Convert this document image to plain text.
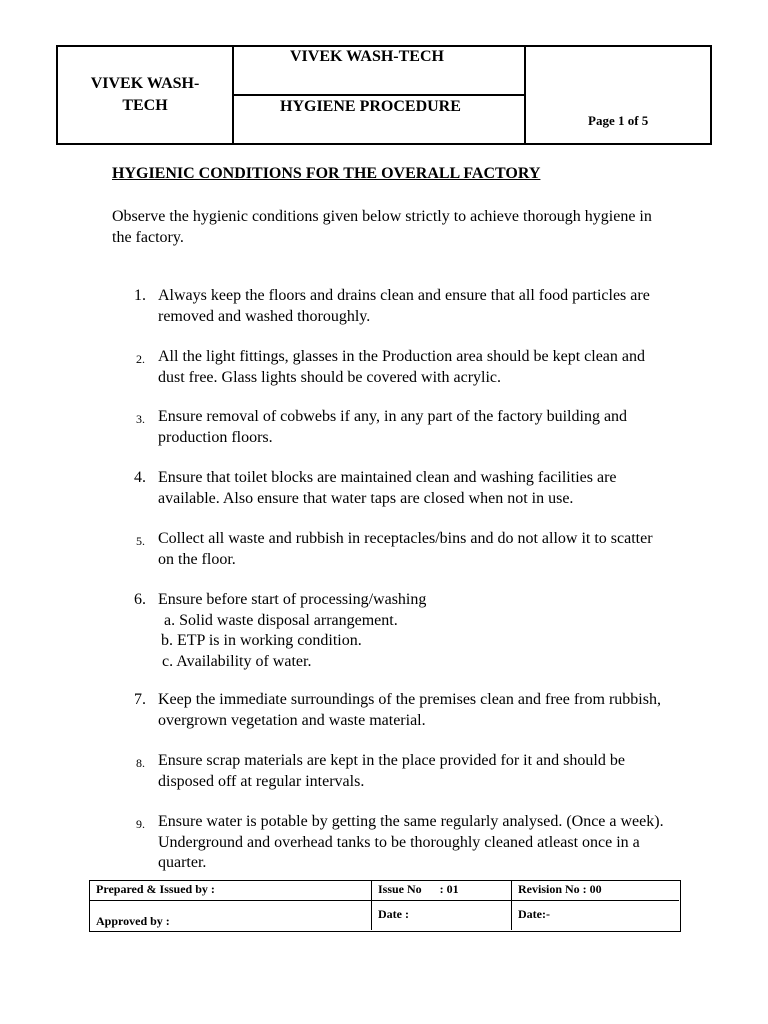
VIVEK WASH-TECH
VIVEK WASH-TECH
HYGIENE PROCEDURE
Page 1 of 5
HYGIENIC CONDITIONS FOR THE OVERALL FACTORY
Observe the hygienic conditions given below strictly to achieve thorough hygiene in the factory.
1. Always keep the floors and drains clean and ensure that all food particles are removed and washed thoroughly.
2. All the light fittings, glasses in the Production area should be kept clean and dust free. Glass lights should be covered with acrylic.
3. Ensure removal of cobwebs if any, in any part of the factory building and production floors.
4. Ensure that toilet blocks are maintained clean and washing facilities are available. Also ensure that water taps are closed when not in use.
5. Collect all waste and rubbish in receptacles/bins and do not allow it to scatter on the floor.
6. Ensure before start of processing/washing
a. Solid waste disposal arrangement.
b. ETP is in working condition.
c. Availability of water.
7. Keep the immediate surroundings of the premises clean and free from rubbish, overgrown vegetation and waste material.
8. Ensure scrap materials are kept in the place provided for it and should be disposed off at regular intervals.
9. Ensure water is potable by getting the same regularly analysed. (Once a week). Underground and overhead tanks to be thoroughly cleaned atleast once in a quarter.
Prepared & Issued by :
Approved by :
Issue No      : 01
Date :
Revision No : 00
Date:-
